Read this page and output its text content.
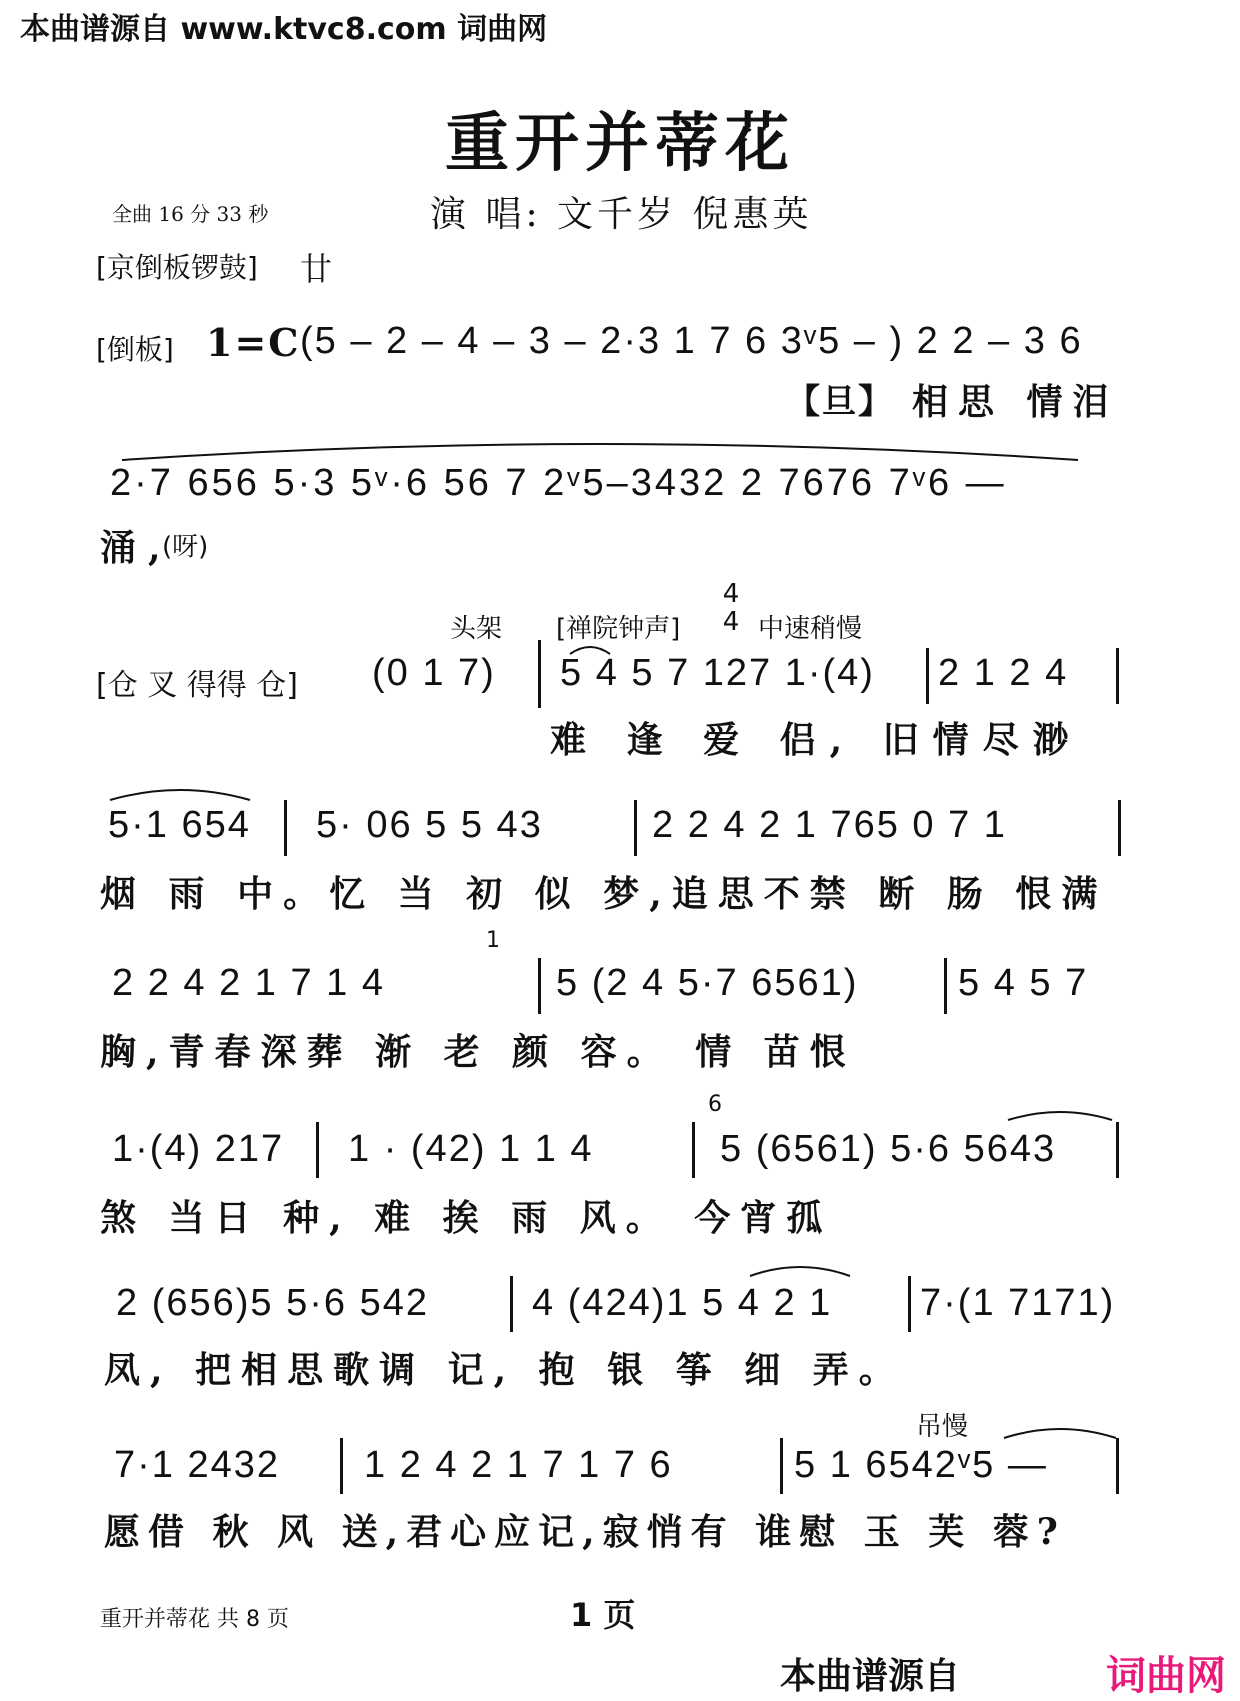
本曲谱源自 www.ktvc8.com 词曲网
重开并蒂花
全曲 16 分 33 秒	演 唱: 文千岁 倪惠英
[京倒板锣鼓] 廿
[倒板] 1=C (5 – 2 – 4 – 3 – 2·3 1 7 6 3ᵛ5 – ) 2 2 – 3 6
【旦】 相思 情泪
2·7 656 5·3 5ᵛ·6 56 7 2ᵛ5–3432 2 7676 7ᵛ6 —
涌,
(呀)
头架 [禅院钟声]
4
4 中速稍慢
[仓 叉 得得 仓] (0 1 7) 5 4 5 7 127 1·(4) 2 1 2 4
难 逢 爱 侣, 旧情尽渺
5·1 654 5· 06 5 5 43	2 2 4 2 1 765 0 7 1
烟 雨 中。忆 当 初 似 梦,追思不禁 断 肠 恨满
1
2 2 4 2 1 7 1 4	5 (2 4 5·7 6561)	5 4 5 7
胸,青春深葬 渐 老 颜 容。 情 苗恨
6
1·(4) 217 1 · (42) 1 1 4	5 (6561) 5·6 5643
煞 当日 种, 难 挨 雨 风。 今宵孤
2 (656)5 5·6 542	4 (424)1 5 4 2 1 7·(1 7171)
凤, 把相思歌调 记, 抱 银 筝 细 弄。
吊慢
7·1 2432 1 2 4 2 1 7 1 7 6	5 1 6542ᵛ5 —
愿借 秋 风 送,君心应记,寂悄有 谁慰 玉 芙 蓉?
重开并蒂花 共 8 页	1 页
本曲谱源自	词曲网
